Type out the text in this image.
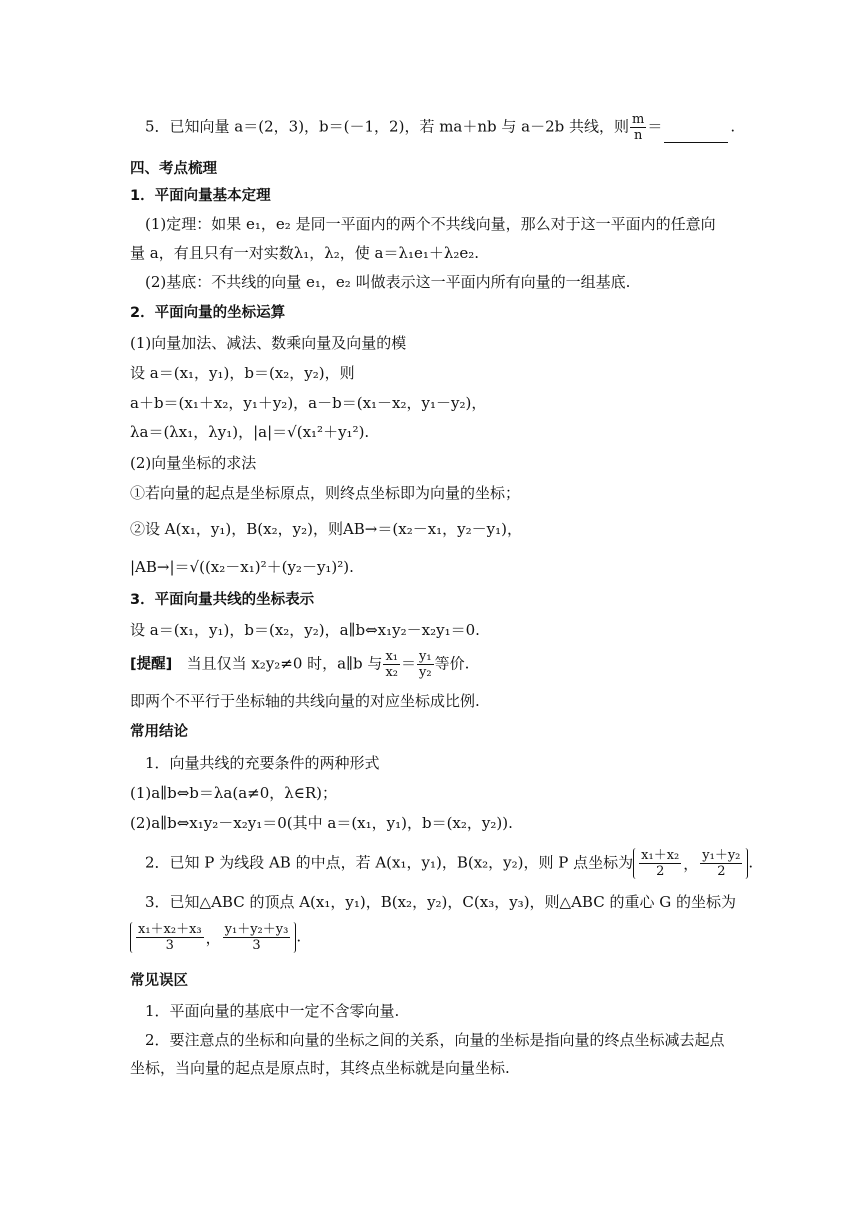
5．已知向量 a＝(2，3)，b＝(－1，2)，若 ma＋nb 与 a－2b 共线，则 $\frac{m}{n}$ ＝	.
四、考点梳理
1．平面向量基本定理
(1)定理：如果 e₁，e₂ 是同一平面内的两个不共线向量，那么对于这一平面内的任意向
量 a，有且只有一对实数λ₁，λ₂，使 a＝λ₁e₁＋λ₂e₂.
(2)基底：不共线的向量 e₁，e₂ 叫做表示这一平面内所有向量的一组基底.
2．平面向量的坐标运算
(1)向量加法、减法、数乘向量及向量的模
设 a＝(x₁，y₁)，b＝(x₂，y₂)，则
a＋b＝(x₁＋x₂，y₁＋y₂)，a－b＝(x₁－x₂，y₁－y₂)，
λa＝(λx₁，λy₁)，|a|＝√(x₁²＋y₁²).
(2)向量坐标的求法
①若向量的起点是坐标原点，则终点坐标即为向量的坐标；
②设 A(x₁，y₁)，B(x₂，y₂)，则AB→＝(x₂－x₁，y₂－y₁)，
|AB→|＝√((x₂－x₁)²＋(y₂－y₁)²).
3．平面向量共线的坐标表示
设 a＝(x₁，y₁)，b＝(x₂，y₂)，a∥b⇔x₁y₂－x₂y₁＝0.
[提醒] 当且仅当 x₂y₂≠0 时，a∥b 与 $\frac{\text{x₁}}{\text{x₂}} = \frac{\text{y₁}}{\text{y₂}}$ 等价.
即两个不平行于坐标轴的共线向量的对应坐标成比例.
常用结论
1．向量共线的充要条件的两种形式
(1)a∥b⇔b＝λa(a≠0，λ∈R)；
(2)a∥b⇔x₁y₂－x₂y₁＝0(其中 a＝(x₁，y₁)，b＝(x₂，y₂)).
2．已知 P 为线段 AB 的中点，若 A(x₁，y₁)，B(x₂，y₂)，则 P 点坐标为 $\frac{\text{x₁＋x₂}}{2}$ ， $\frac{\text{y₁＋y₂}}{2}$ .
3．已知△ABC 的顶点 A(x₁，y₁)，B(x₂，y₂)，C(x₃，y₃)，则△ABC 的重心 G 的坐标为
$\frac{\text{x₁＋x₂＋x₃}}{3}$ ， $\frac{\text{y₁＋y₂＋y₃}}{3}$ .
常见误区
1．平面向量的基底中一定不含零向量.
2．要注意点的坐标和向量的坐标之间的关系，向量的坐标是指向量的终点坐标减去起点坐标，当向量的起点是原点时，其终点坐标就是向量坐标.
